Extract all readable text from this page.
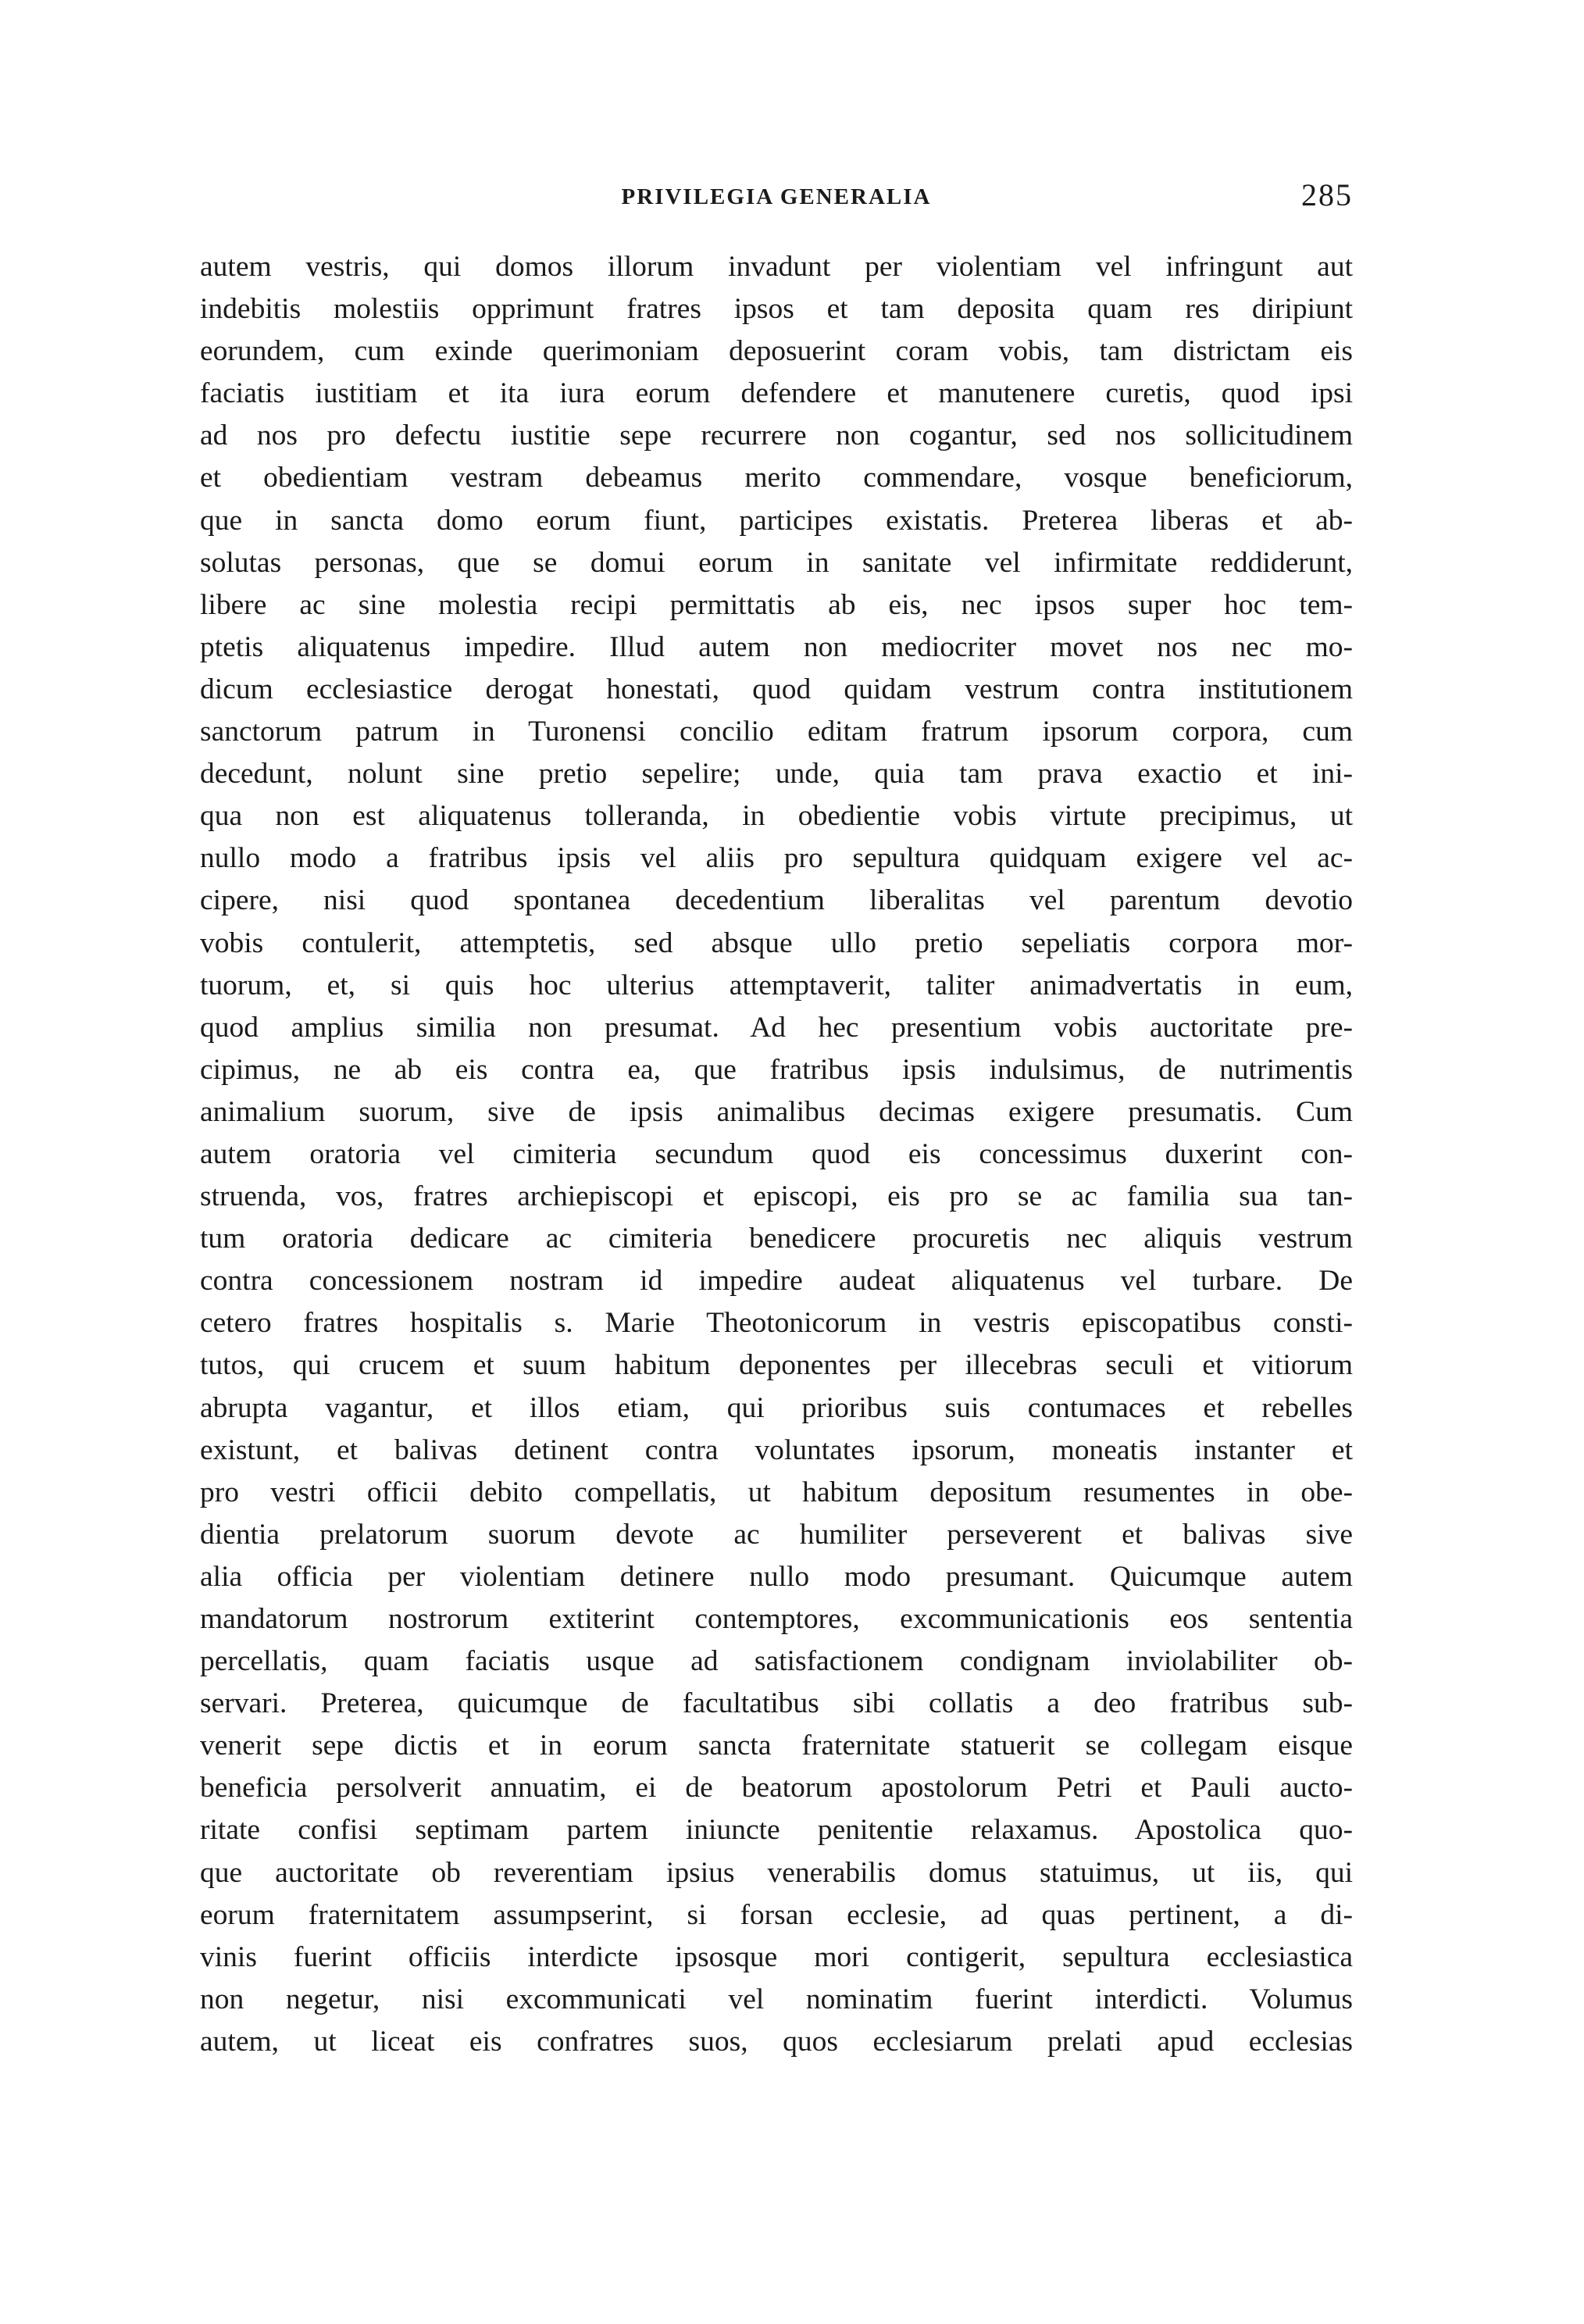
PRIVILEGIA GENERALIA	285
autem vestris, qui domos illorum invadunt per violentiam vel infringunt aut
indebitis molestiis opprimunt fratres ipsos et tam deposita quam res diripiunt
eorundem, cum exinde querimoniam deposuerint coram vobis, tam districtam eis
faciatis iustitiam et ita iura eorum defendere et manutenere curetis, quod ipsi
ad nos pro defectu iustitie sepe recurrere non cogantur, sed nos sollicitudinem
et obedientiam vestram debeamus merito commendare, vosque beneficiorum,
que in sancta domo eorum fiunt, participes existatis. Preterea liberas et ab-
solutas personas, que se domui eorum in sanitate vel infirmitate reddiderunt,
libere ac sine molestia recipi permittatis ab eis, nec ipsos super hoc tem-
ptetis aliquatenus impedire. Illud autem non mediocriter movet nos nec mo-
dicum ecclesiastice derogat honestati, quod quidam vestrum contra institutionem
sanctorum patrum in Turonensi concilio editam fratrum ipsorum corpora, cum
decedunt, nolunt sine pretio sepelire; unde, quia tam prava exactio et ini-
qua non est aliquatenus tolleranda, in obedientie vobis virtute precipimus, ut
nullo modo a fratribus ipsis vel aliis pro sepultura quidquam exigere vel ac-
cipere, nisi quod spontanea decedentium liberalitas vel parentum devotio
vobis contulerit, attemptetis, sed absque ullo pretio sepeliatis corpora mor-
tuorum, et, si quis hoc ulterius attemptaverit, taliter animadvertatis in eum,
quod amplius similia non presumat. Ad hec presentium vobis auctoritate pre-
cipimus, ne ab eis contra ea, que fratribus ipsis indulsimus, de nutrimentis
animalium suorum, sive de ipsis animalibus decimas exigere presumatis. Cum
autem oratoria vel cimiteria secundum quod eis concessimus duxerint con-
struenda, vos, fratres archiepiscopi et episcopi, eis pro se ac familia sua tan-
tum oratoria dedicare ac cimiteria benedicere procuretis nec aliquis vestrum
contra concessionem nostram id impedire audeat aliquatenus vel turbare. De
cetero fratres hospitalis s. Marie Theotonicorum in vestris episcopatibus consti-
tutos, qui crucem et suum habitum deponentes per illecebras seculi et vitiorum
abrupta vagantur, et illos etiam, qui prioribus suis contumaces et rebelles
existunt, et balivas detinent contra voluntates ipsorum, moneatis instanter et
pro vestri officii debito compellatis, ut habitum depositum resumentes in obe-
dientia prelatorum suorum devote ac humiliter perseverent et balivas sive
alia officia per violentiam detinere nullo modo presumant. Quicumque autem
mandatorum nostrorum extiterint contemptores, excommunicationis eos sententia
percellatis, quam faciatis usque ad satisfactionem condignam inviolabiliter ob-
servari. Preterea, quicumque de facultatibus sibi collatis a deo fratribus sub-
venerit sepe dictis et in eorum sancta fraternitate statuerit se collegam eisque
beneficia persolverit annuatim, ei de beatorum apostolorum Petri et Pauli aucto-
ritate confisi septimam partem iniuncte penitentie relaxamus. Apostolica quo-
que auctoritate ob reverentiam ipsius venerabilis domus statuimus, ut iis, qui
eorum fraternitatem assumpserint, si forsan ecclesie, ad quas pertinent, a di-
vinis fuerint officiis interdicte ipsosque mori contigerit, sepultura ecclesiastica
non negetur, nisi excommunicati vel nominatim fuerint interdicti. Volumus
autem, ut liceat eis confratres suos, quos ecclesiarum prelati apud ecclesias
